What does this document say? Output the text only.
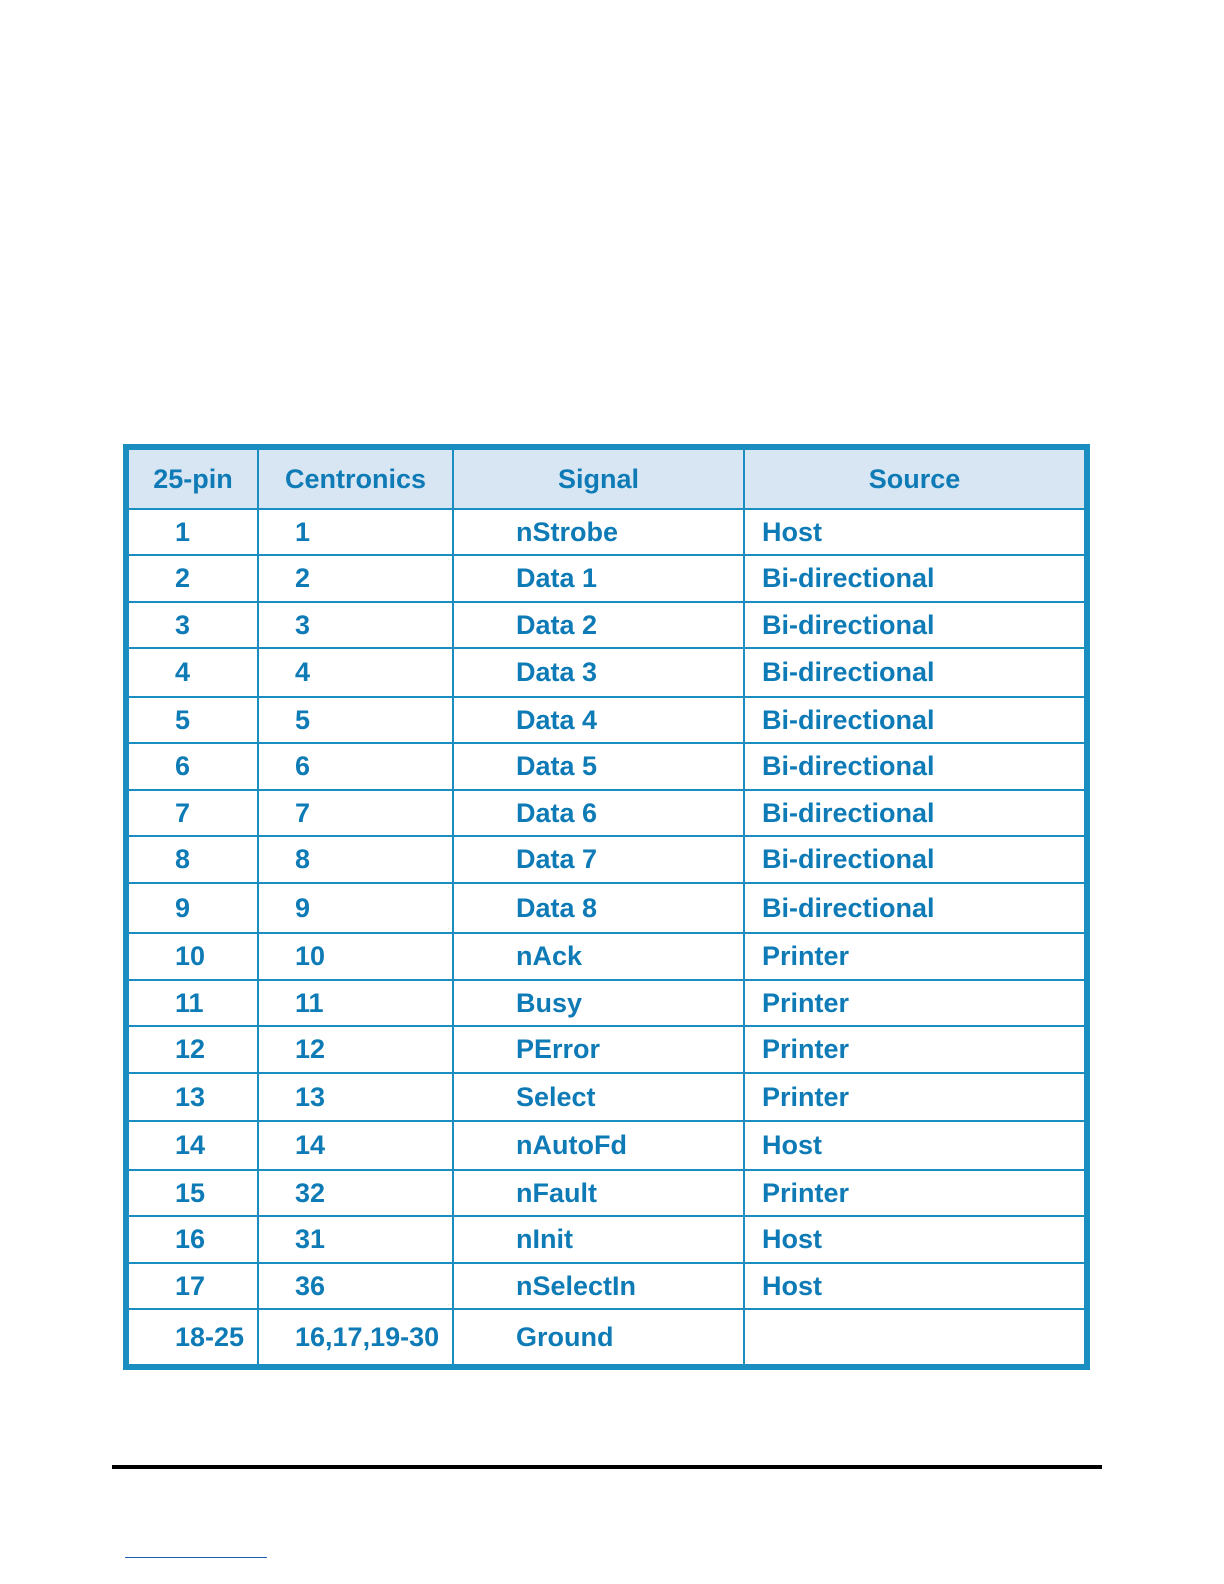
25-pin	Centronics	Signal	Source
1	1	nStrobe	Host
2	2	Data 1	Bi-directional
3	3	Data 2	Bi-directional
4	4	Data 3	Bi-directional
5	5	Data 4	Bi-directional
6	6	Data 5	Bi-directional
7	7	Data 6	Bi-directional
8	8	Data 7	Bi-directional
9	9	Data 8	Bi-directional
10	10	nAck	Printer
11	11	Busy	Printer
12	12	PError	Printer
13	13	Select	Printer
14	14	nAutoFd	Host
15	32	nFault	Printer
16	31	nInit	Host
17	36	nSelectIn	Host
18-25	16,17,19-30	Ground	
